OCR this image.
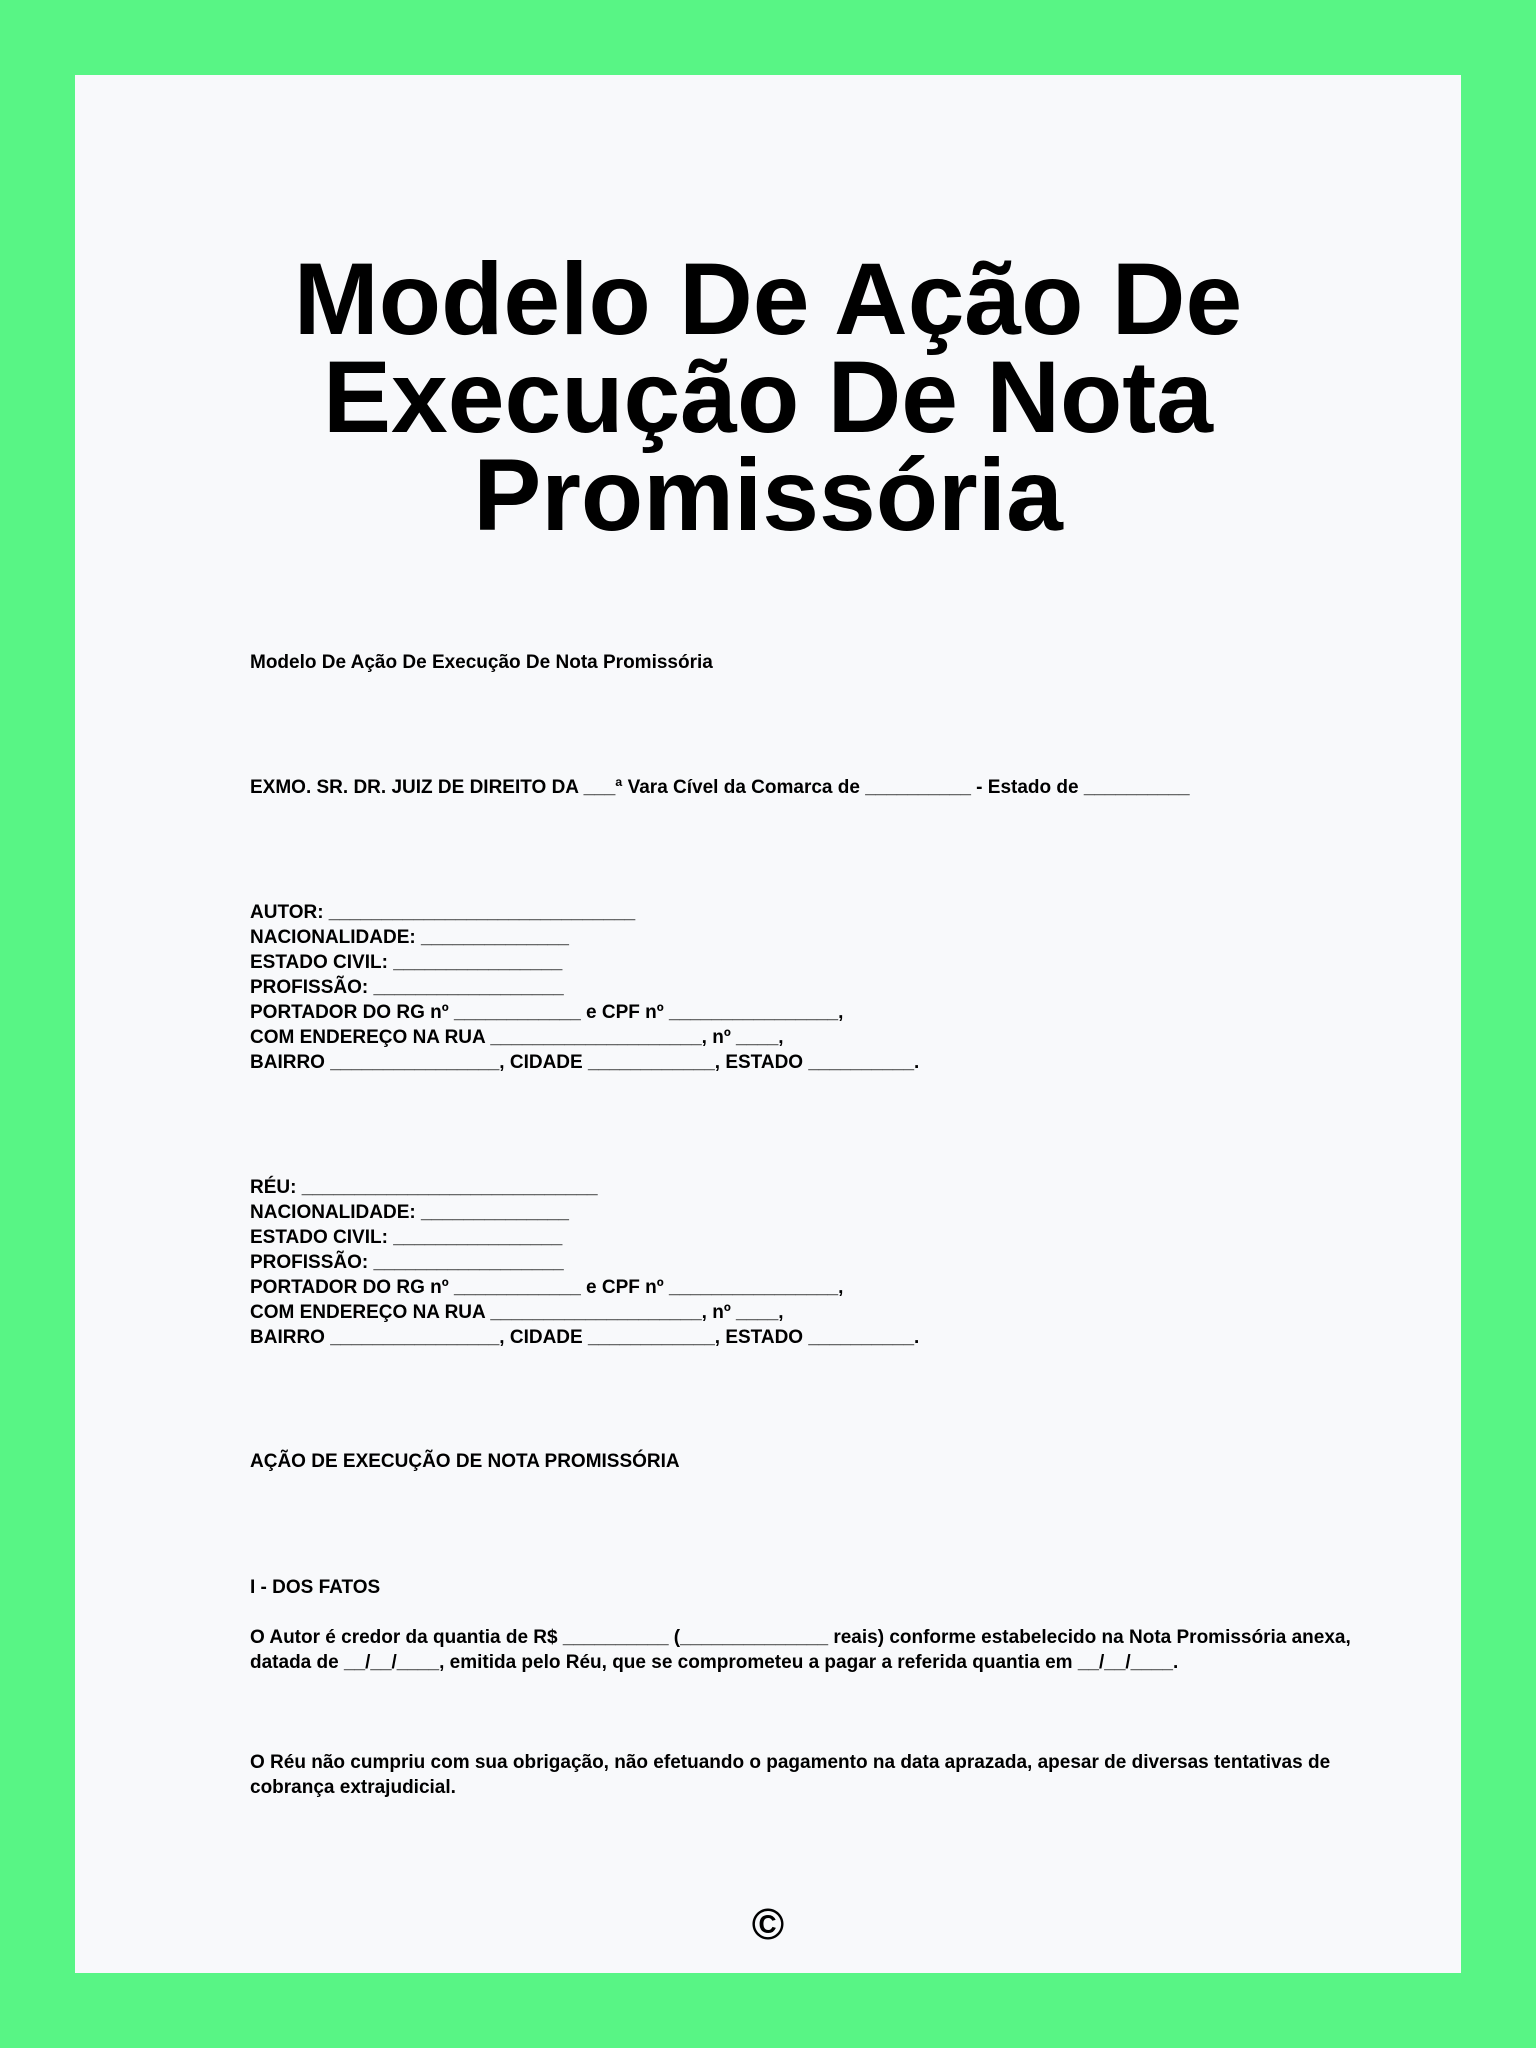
Modelo De Ação De
Execução De Nota
Promissória
Modelo De Ação De Execução De Nota Promissória
EXMO. SR. DR. JUIZ DE DIREITO DA ___ª Vara Cível da Comarca de __________ - Estado de __________
AUTOR: _____________________________
NACIONALIDADE: ______________
ESTADO CIVIL: ________________
PROFISSÃO: __________________
PORTADOR DO RG nº ____________ e CPF nº ________________,
COM ENDEREÇO NA RUA ____________________, nº ____,
BAIRRO ________________, CIDADE ____________, ESTADO __________.
RÉU: ____________________________
NACIONALIDADE: ______________
ESTADO CIVIL: ________________
PROFISSÃO: __________________
PORTADOR DO RG nº ____________ e CPF nº ________________,
COM ENDEREÇO NA RUA ____________________, nº ____,
BAIRRO ________________, CIDADE ____________, ESTADO __________.
AÇÃO DE EXECUÇÃO DE NOTA PROMISSÓRIA
I - DOS FATOS
O Autor é credor da quantia de R$ __________ (______________ reais) conforme estabelecido na Nota Promissória anexa, datada de __/__/____, emitida pelo Réu, que se comprometeu a pagar a referida quantia em __/__/____.
O Réu não cumpriu com sua obrigação, não efetuando o pagamento na data aprazada, apesar de diversas tentativas de cobrança extrajudicial.
©
